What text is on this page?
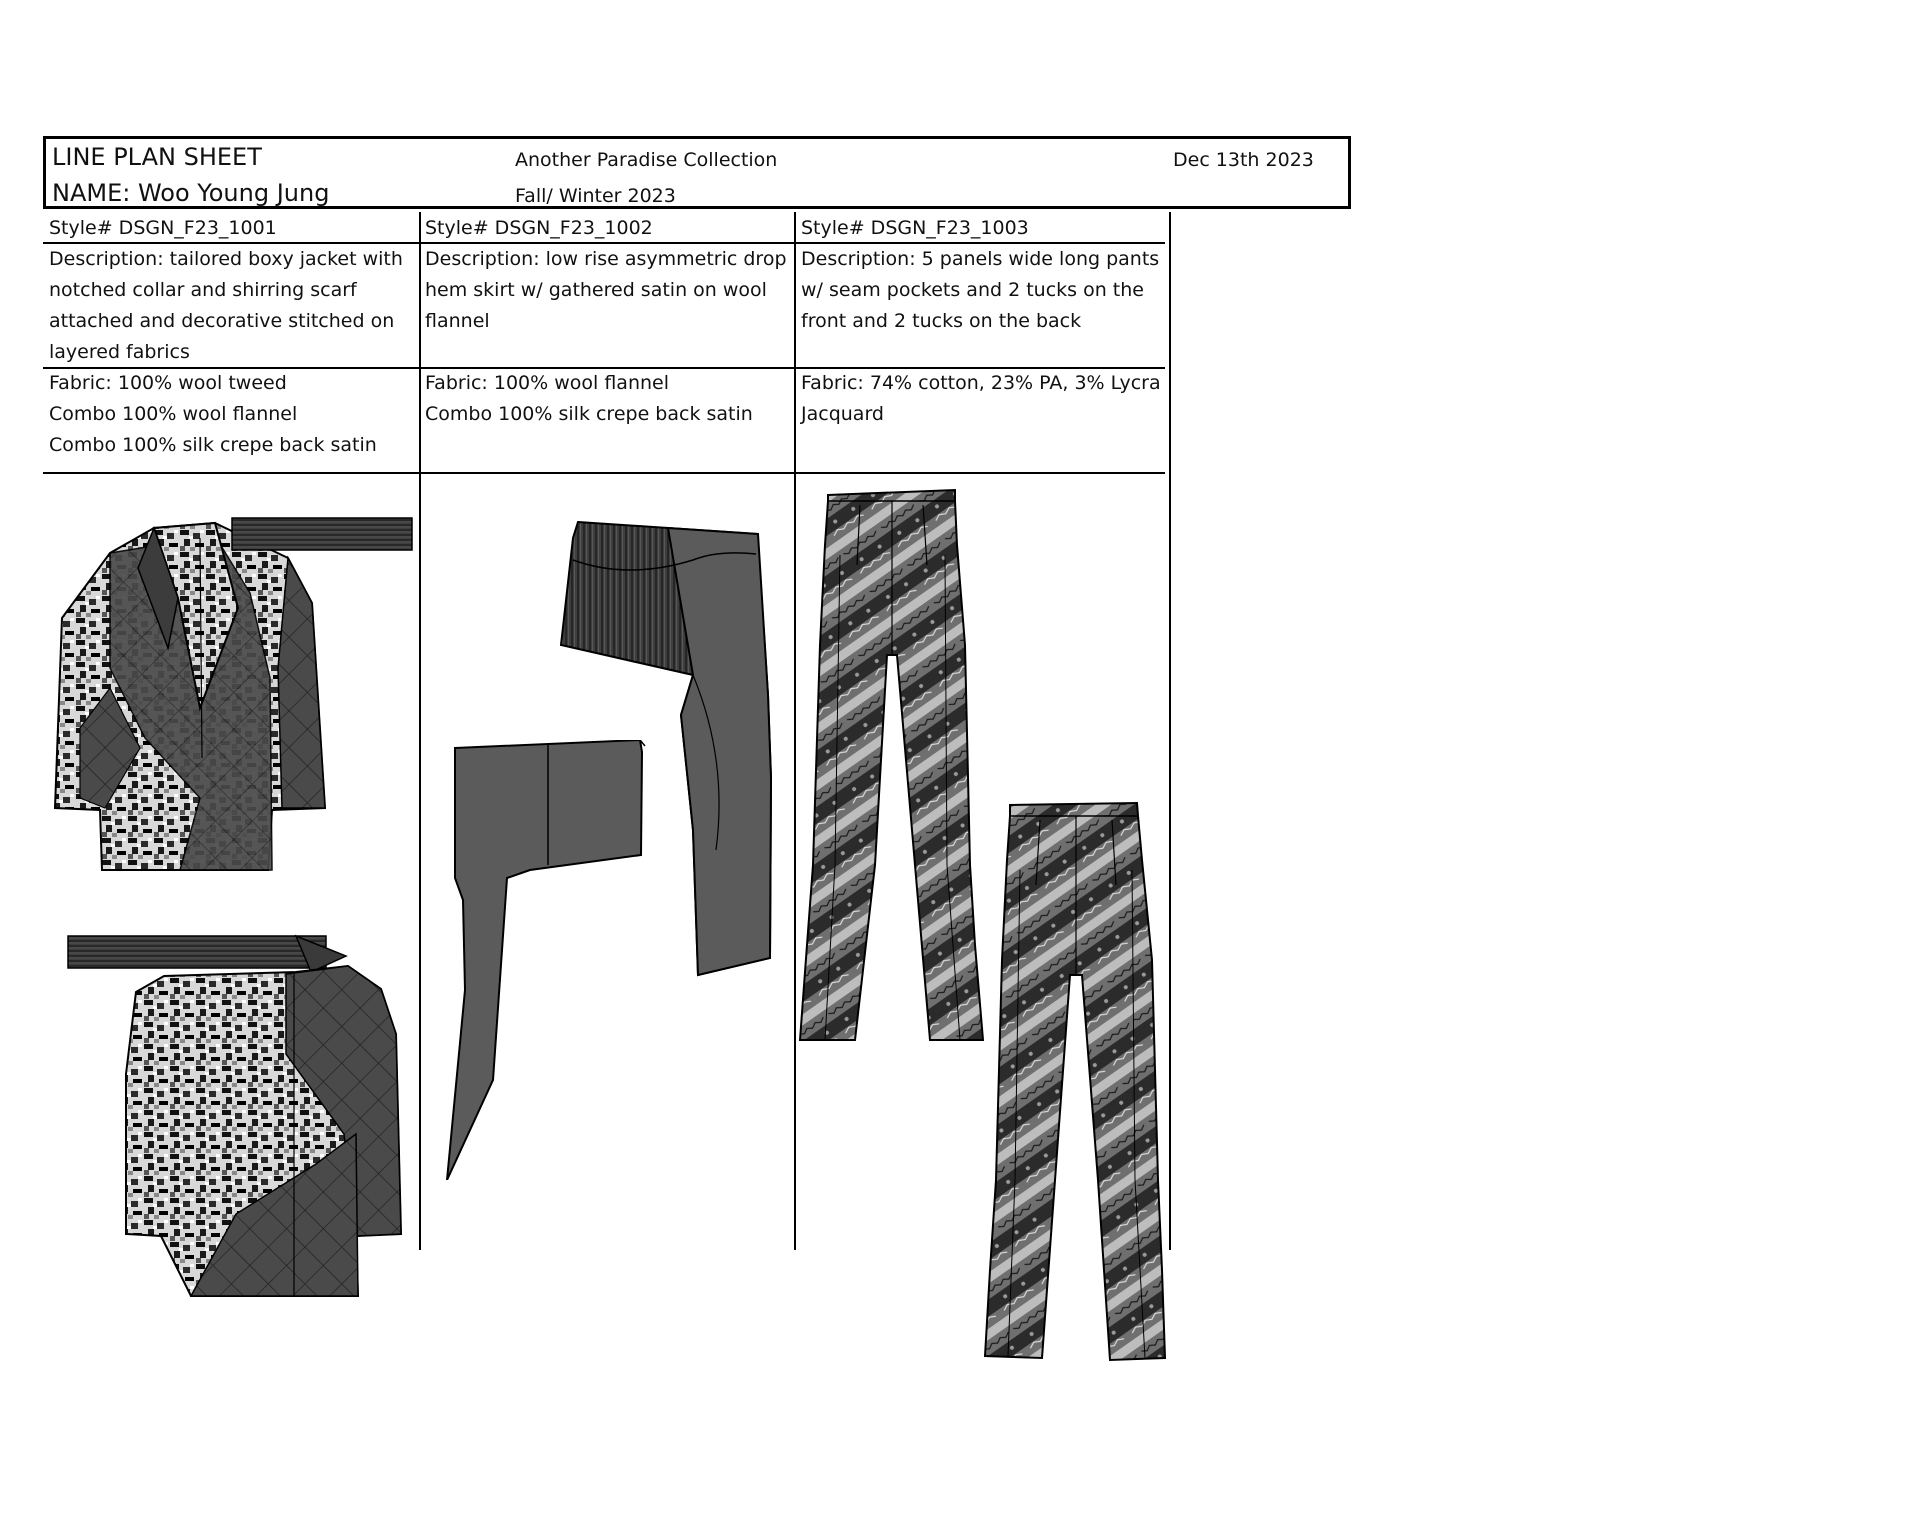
LINE PLAN SHEET
NAME: Woo Young Jung
Another Paradise Collection
Fall/ Winter 2023
Dec 13th 2023
Style# DSGN_F23_1001
Description: tailored boxy jacket with
notched collar and shirring scarf
attached and decorative stitched on
layered fabrics
Fabric: 100% wool tweed
Combo 100% wool flannel
Combo 100% silk crepe back satin
Style# DSGN_F23_1002
Description: low rise asymmetric drop
hem skirt w/ gathered satin on wool
flannel
Fabric: 100% wool flannel
Combo 100% silk crepe back satin
Style# DSGN_F23_1003
Description: 5 panels wide long pants
w/ seam pockets and 2 tucks on the
front and 2 tucks on the back
Fabric: 74% cotton, 23% PA, 3% Lycra
Jacquard
